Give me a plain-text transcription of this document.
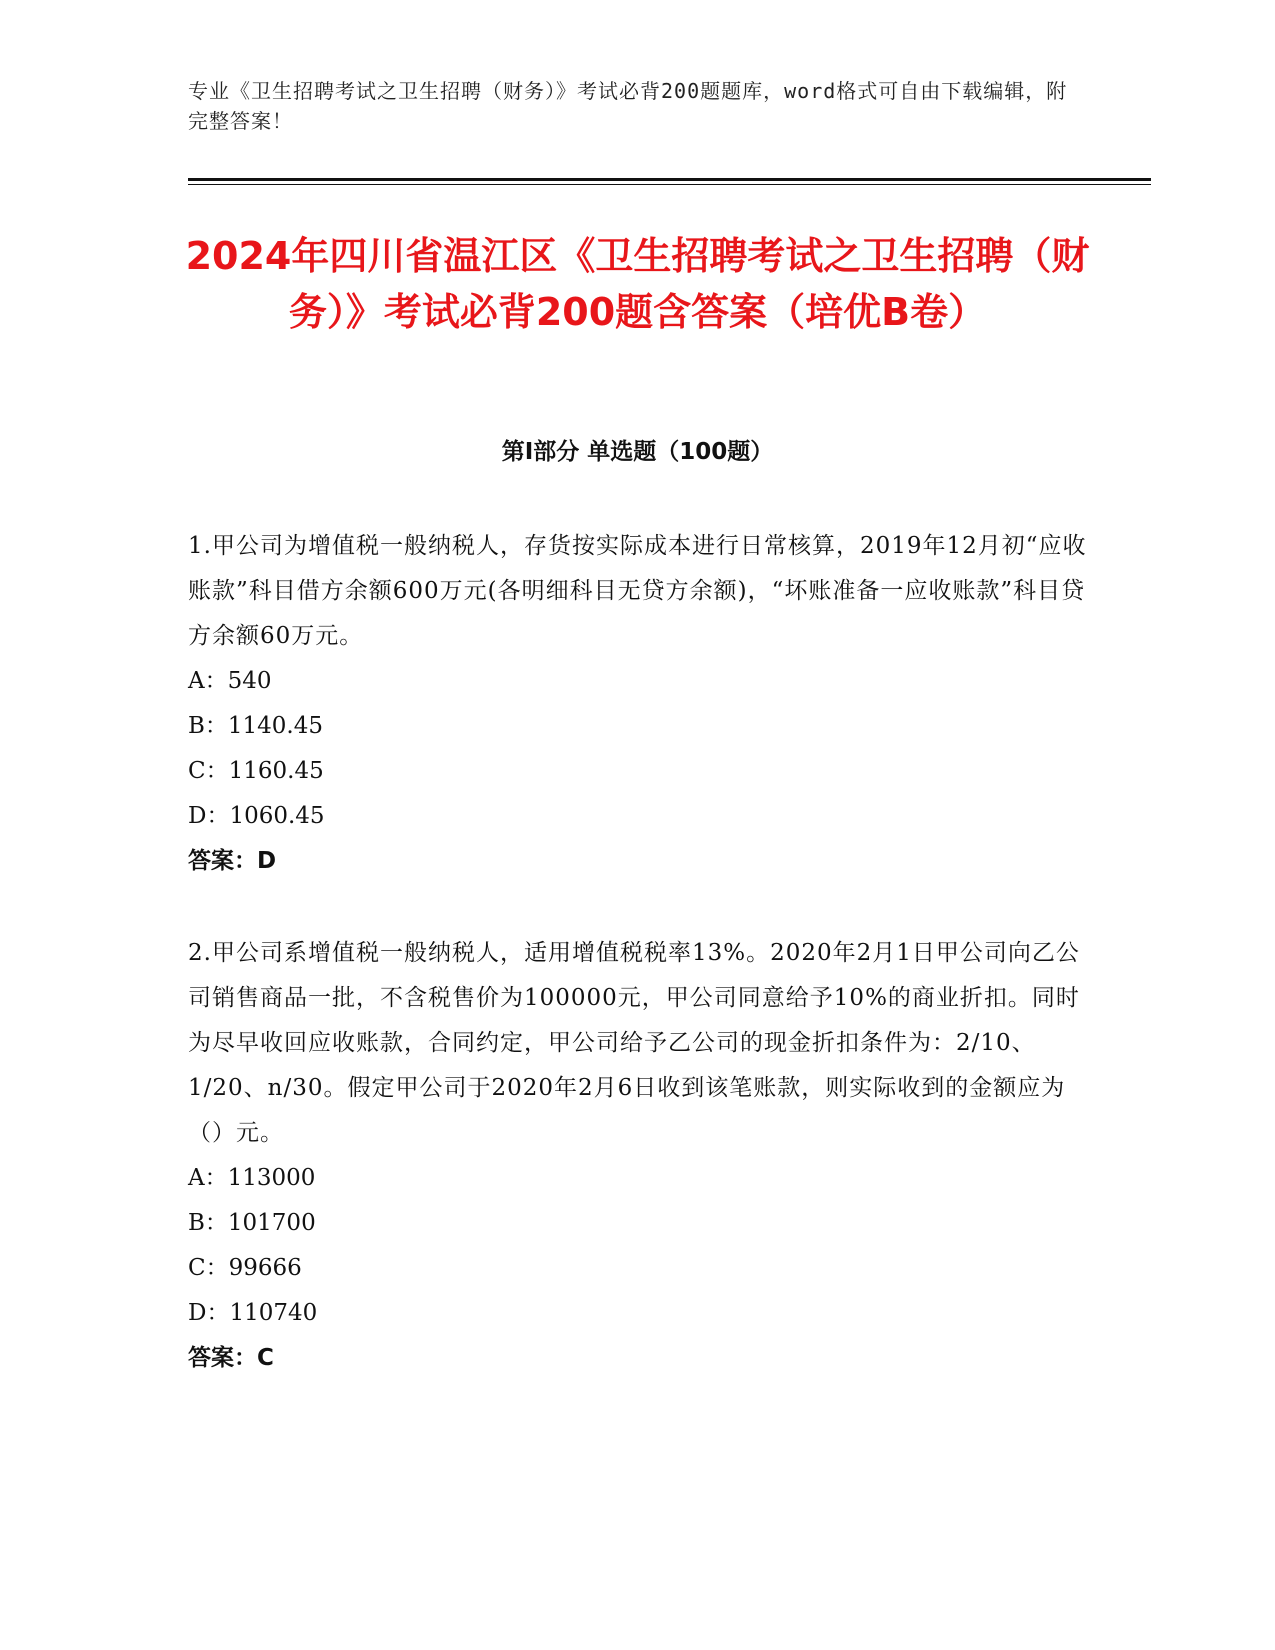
专业《卫生招聘考试之卫生招聘（财务）》考试必背200题题库，word格式可自由下载编辑，附完整答案！
2024年四川省温江区《卫生招聘考试之卫生招聘（财务）》考试必背200题含答案（培优B卷）
第Ⅰ部分 单选题（100题）
1.甲公司为增值税一般纳税人，存货按实际成本进行日常核算，2019年12月初“应收账款”科目借方余额600万元(各明细科目无贷方余额)，“坏账准备一应收账款”科目贷方余额60万元。
A：540
B：1140.45
C：1160.45
D：1060.45
答案：D
2.甲公司系增值税一般纳税人，适用增值税税率13%。2020年2月1日甲公司向乙公司销售商品一批，不含税售价为100000元，甲公司同意给予10%的商业折扣。同时为尽早收回应收账款，合同约定，甲公司给予乙公司的现金折扣条件为：2/10、1/20、n/30。假定甲公司于2020年2月6日收到该笔账款，则实际收到的金额应为（）元。
A：113000
B：101700
C：99666
D：110740
答案：C
